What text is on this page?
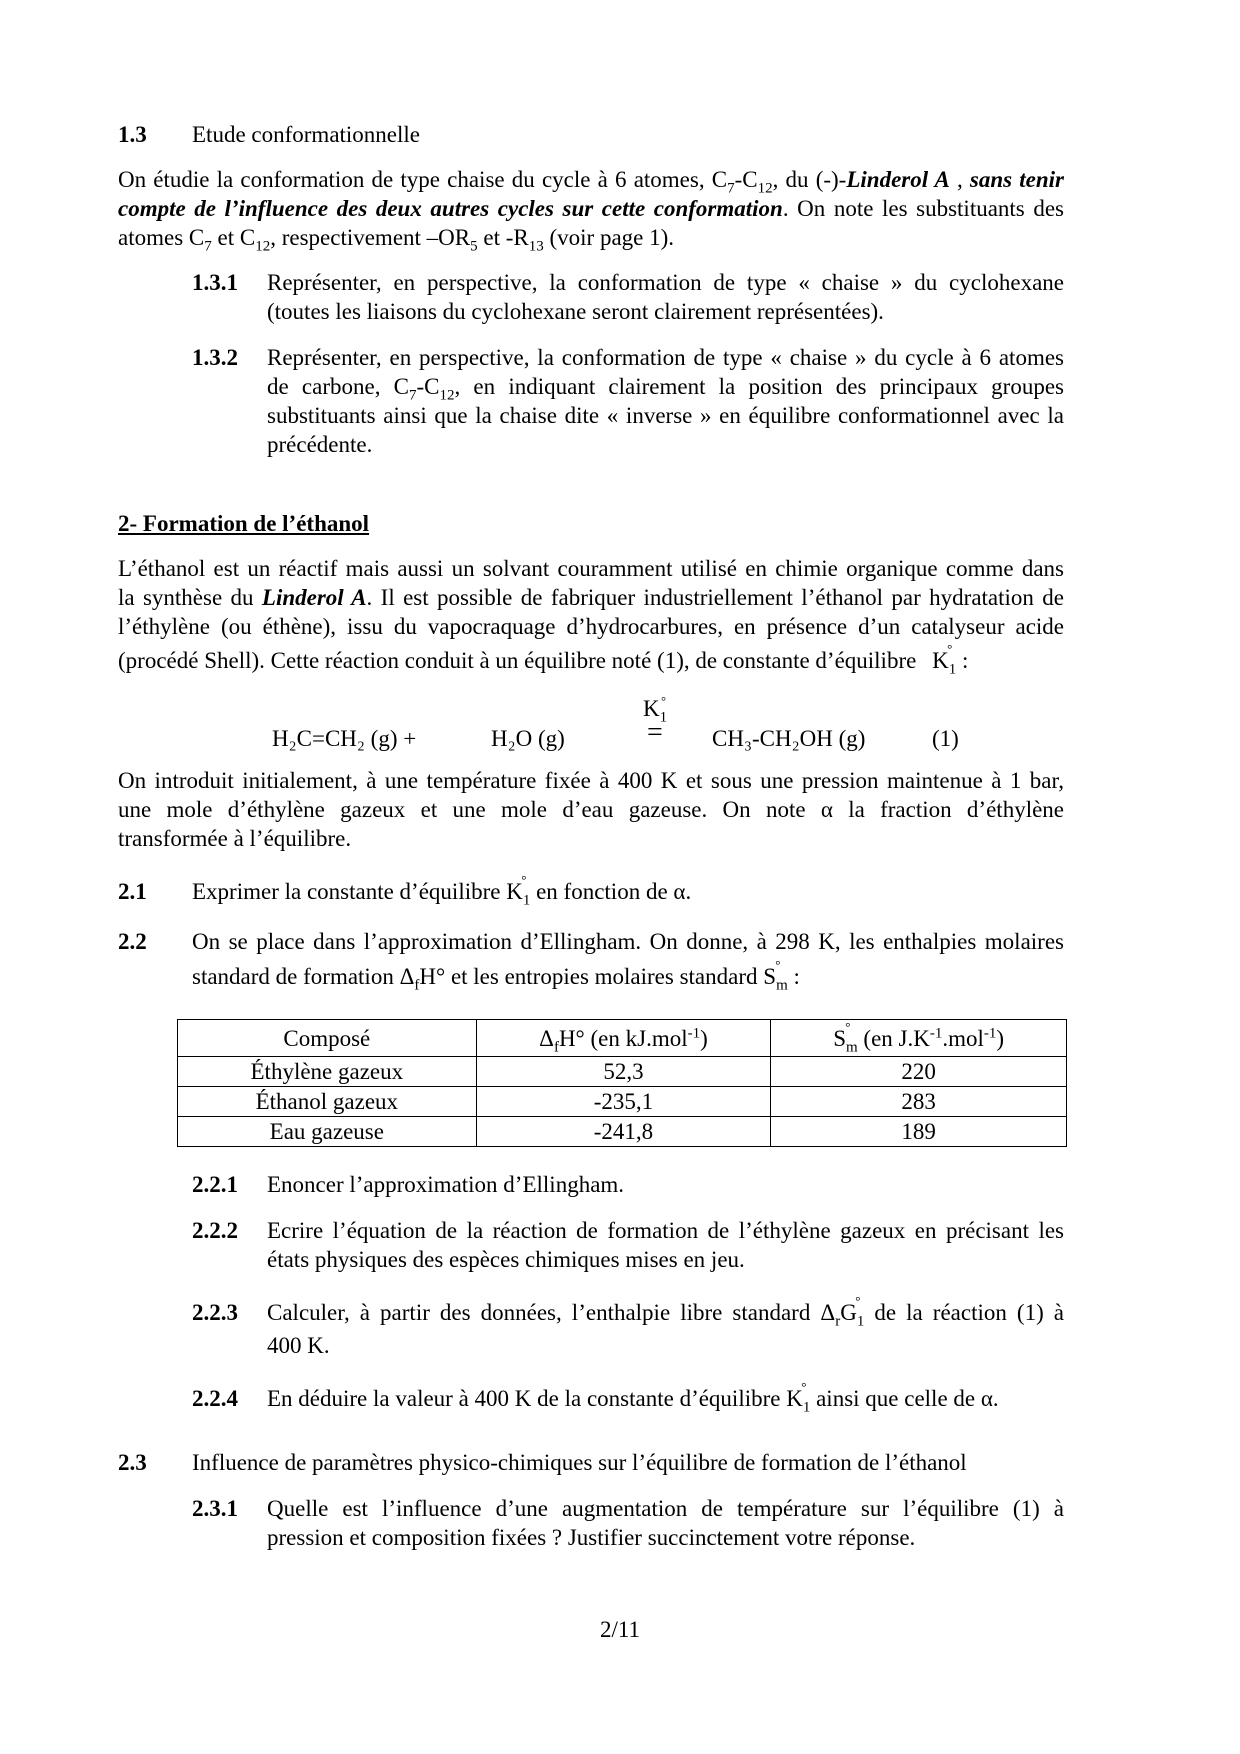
1.3 Etude conformationnelle
On étudie la conformation de type chaise du cycle à 6 atomes, $C_7-C_{12}$, du (-)-Linderol A , sans tenir
compte de l’influence des deux autres cycles sur cette conformation. On note les substituants des
atomes $C_7$ et $C_{12}$, respectivement $-OR_5$ et $-R_{13}$ (voir page 1).
1.3.1 Représenter, en perspective, la conformation de type « chaise » du cyclohexane
(toutes les liaisons du cyclohexane seront clairement représentées).
1.3.2 Représenter, en perspective, la conformation de type « chaise » du cycle à 6 atomes
de carbone, $C_7-C_{12}$, en indiquant clairement la position des principaux groupes
substituants ainsi que la chaise dite « inverse » en équilibre conformationnel avec la
précédente.
2- Formation de l’éthanol
L’éthanol est un réactif mais aussi un solvant couramment utilisé en chimie organique comme dans
la synthèse du Linderol A. Il est possible de fabriquer industriellement l’éthanol par hydratation de
l’éthylène (ou éthène), issu du vapocraquage d’hydrocarbures, en présence d’un catalyseur acide
(procédé Shell). Cette réaction conduit à un équilibre noté (1), de constante d’équilibre $K_1$
° :
$K_1^\circ$
H₂C=CH₂ (g) +	H₂O (g)	= CH₃-CH₂OH (g)	(1)
On introduit initialement, à une température fixée à 400 K et sous une pression maintenue à 1 bar,
une mole d’éthylène gazeux et une mole d’eau gazeuse. On note α la fraction d’éthylène
transformée à l’équilibre.
2.1 Exprimer la constante d’équilibre $K_1$
° en fonction de α.
2.2 On se place dans l’approximation d’Ellingham. On donne, à 298 K, les enthalpies molaires
standard de formation $\Delta_fH^\circ$ et les entropies molaires standard $S_m$
° :
Composé	$\Delta_fH^\circ$ (en kJ.mol$^{-1}$)	$S_m$
° (en $J.K^{-1}.mol^{-1}$)
Éthylène gazeux	52,3	220
Éthanol gazeux	-235,1	283
Eau gazeuse	-241,8	189
2.2.1 Enoncer l’approximation d’Ellingham.
2.2.2 Ecrire l’équation de la réaction de formation de l’éthylène gazeux en précisant les
états physiques des espèces chimiques mises en jeu.
2.2.3 Calculer, à partir des données, l’enthalpie libre standard $\Delta_rG_1$
° de la réaction (1) à
400 K.
2.2.4 En déduire la valeur à 400 K de la constante d’équilibre $K_1$
° ainsi que celle de α.
2.3 Influence de paramètres physico-chimiques sur l’équilibre de formation de l’éthanol
2.3.1 Quelle est l’influence d’une augmentation de température sur l’équilibre (1) à
pression et composition fixées ? Justifier succinctement votre réponse.
2/11
